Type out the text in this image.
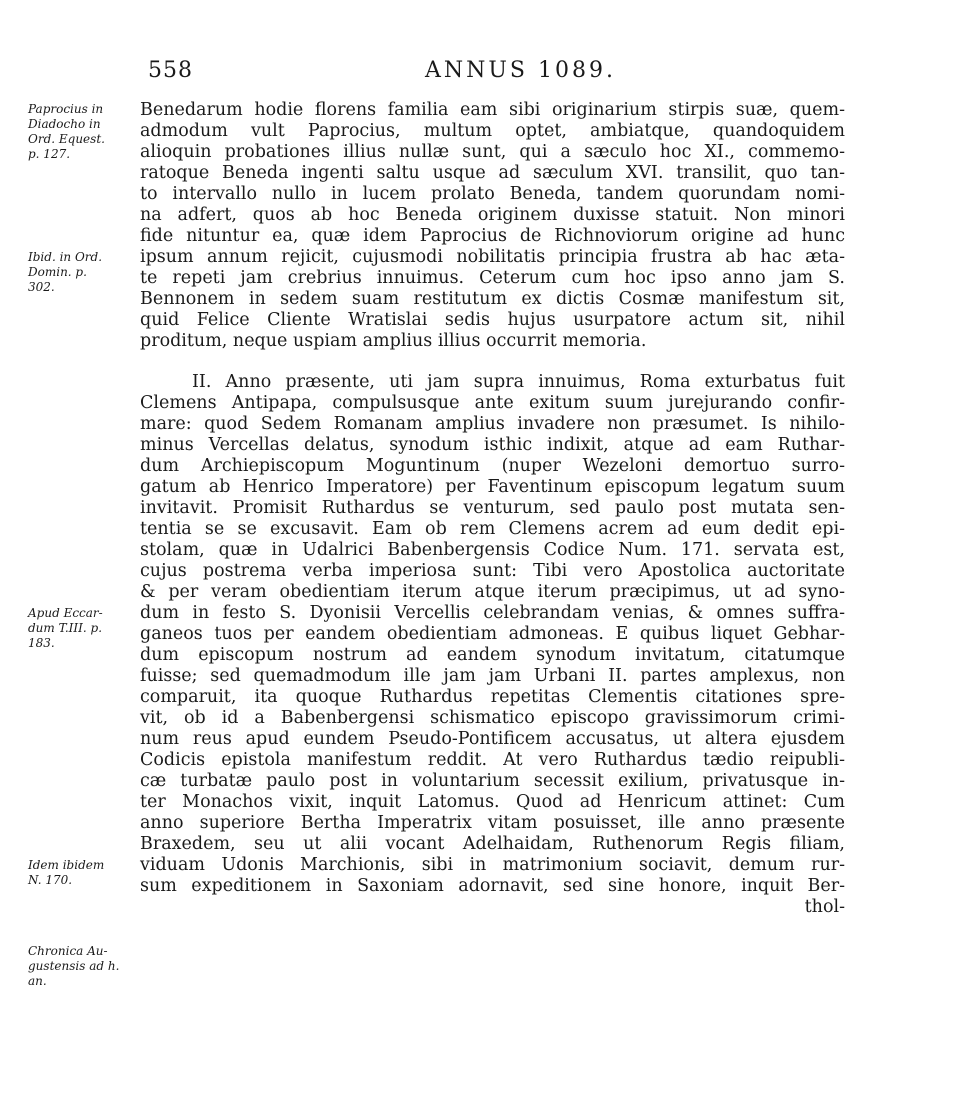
558	ANNUS 1089.
Paprocius in
Diadocho in
Ord. Equest.
p. 127.
Ibid. in Ord.
Domin. p.
302.
Apud Eccar-
dum T.III. p.
183.
Idem ibidem
N. 170.
Chronica Au-
gustensis ad h.
an.
Benedarum hodie florens familia eam sibi originarium stirpis suæ, quem-
admodum vult Paprocius, multum optet, ambiatque, quandoquidem
alioquin probationes illius nullæ sunt, qui a sæculo hoc XI., commemo-
ratoque Beneda ingenti saltu usque ad sæculum XVI. transilit, quo tan-
to intervallo nullo in lucem prolato Beneda, tandem quorundam nomi-
na adfert, quos ab hoc Beneda originem duxisse statuit. Non minori
fide nituntur ea, quæ idem Paprocius de Richnoviorum origine ad hunc
ipsum annum rejicit, cujusmodi nobilitatis principia frustra ab hac æta-
te repeti jam crebrius innuimus. Ceterum cum hoc ipso anno jam S.
Bennonem in sedem suam restitutum ex dictis Cosmæ manifestum sit,
quid Felice Cliente Wratislai sedis hujus usurpatore actum sit, nihil
proditum, neque uspiam amplius illius occurrit memoria.
II. Anno præsente, uti jam supra innuimus, Roma exturbatus fuit
Clemens Antipapa, compulsusque ante exitum suum jurejurando confir-
mare: quod Sedem Romanam amplius invadere non præsumet. Is nihilo-
minus Vercellas delatus, synodum isthic indixit, atque ad eam Ruthar-
dum Archiepiscopum Moguntinum (nuper Wezeloni demortuo surro-
gatum ab Henrico Imperatore) per Faventinum episcopum legatum suum
invitavit. Promisit Ruthardus se venturum, sed paulo post mutata sen-
tentia se se excusavit. Eam ob rem Clemens acrem ad eum dedit epi-
stolam, quæ in Udalrici Babenbergensis Codice Num. 171. servata est,
cujus postrema verba imperiosa sunt: Tibi vero Apostolica auctoritate
& per veram obedientiam iterum atque iterum præcipimus, ut ad syno-
dum in festo S. Dyonisii Vercellis celebrandam venias, & omnes suffra-
ganeos tuos per eandem obedientiam admoneas. E quibus liquet Gebhar-
dum episcopum nostrum ad eandem synodum invitatum, citatumque
fuisse; sed quemadmodum ille jam jam Urbani II. partes amplexus, non
comparuit, ita quoque Ruthardus repetitas Clementis citationes spre-
vit, ob id a Babenbergensi schismatico episcopo gravissimorum crimi-
num reus apud eundem Pseudo-Pontificem accusatus, ut altera ejusdem
Codicis epistola manifestum reddit. At vero Ruthardus tædio reipubli-
cæ turbatæ paulo post in voluntarium secessit exilium, privatusque in-
ter Monachos vixit, inquit Latomus. Quod ad Henricum attinet: Cum
anno superiore Bertha Imperatrix vitam posuisset, ille anno præsente
Braxedem, seu ut alii vocant Adelhaidam, Ruthenorum Regis filiam,
viduam Udonis Marchionis, sibi in matrimonium sociavit, demum rur-
sum expeditionem in Saxoniam adornavit, sed sine honore, inquit Ber-
thol-
